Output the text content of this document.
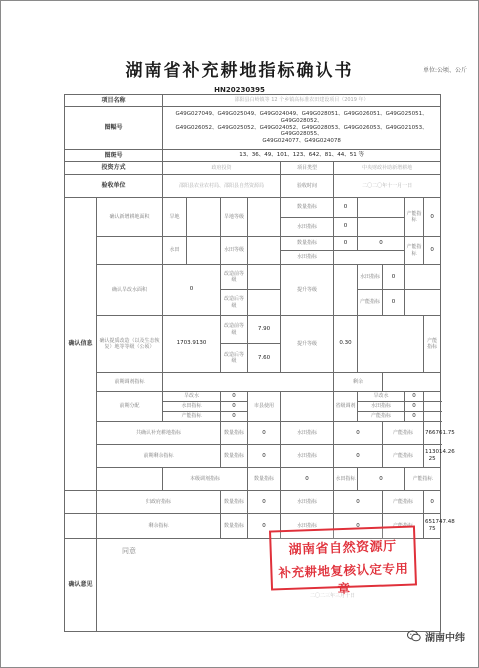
湖南省补充耕地指标确认书	单位:公顷、公斤
HN20230395
项目名称		邵阳县白岭镇等 12 个乡镇高标准农田建设项目（2019 年）										
图幅号		G49G027049、G49G025049、G49G024049、G49G028051、G49G026051、G49G025051、G49G028052、
G49G026052、G49G025052、G49G024052、G49G028053、G49G026053、G49G021053、G49G028055、
G49G024077、G49G024078										

图斑号		13、36、49、101、123、642、81、44、51 等										
投资方式		政府投资				项目类型	中央财政补助新增耕地					
验收单位		邵阳县农业农村局、邵阳县自然资源局				验收时间	二〇二〇年十一月一日					
确认信息	确认新增耕地面积	旱地		旱地等级		数量指标	0			产能指标	0	
						水田指标	0					

		水田		水田等级		数量指标	0	0		产能指标	0	
						水田指标						
	确认旱改水面积	0		改造前等级		提升等级		水田指标	0			
				改造后等级				产能指标	0			
	确认提质改造（以及生态恢复）地等等级（公顷）	1703.9130		改造前等级	7.90	提升等级	0.30				产能指标	
				改造后等级	7.60							
	前期调剂指标						剩余					
	前期分配	旱改水		0	市县使用		省级调剂	旱改水		0		
		水田指标		0				水田指标		0		
		产能指标		0				产能指标		0		
	共确认补充耕地指标			数量指标	0	水田指标	0		产能指标		766761.75	
	前期剩余指标			数量指标	0	水田指标	0		产能指标		113014.26 25	
		本级调剂指标			数量指标	0	水田指标	0		产能指标	
	归政府指标			数量指标	0	水田指标	0		产能指标		0	
	剩余指标			数量指标	0	水田指标	0		产能指标		651747.48 75	
确认意见												
同意	湖南省自然资源厅
补充耕地复核认定专用章
二〇二三年三月十日
湖南中纬
